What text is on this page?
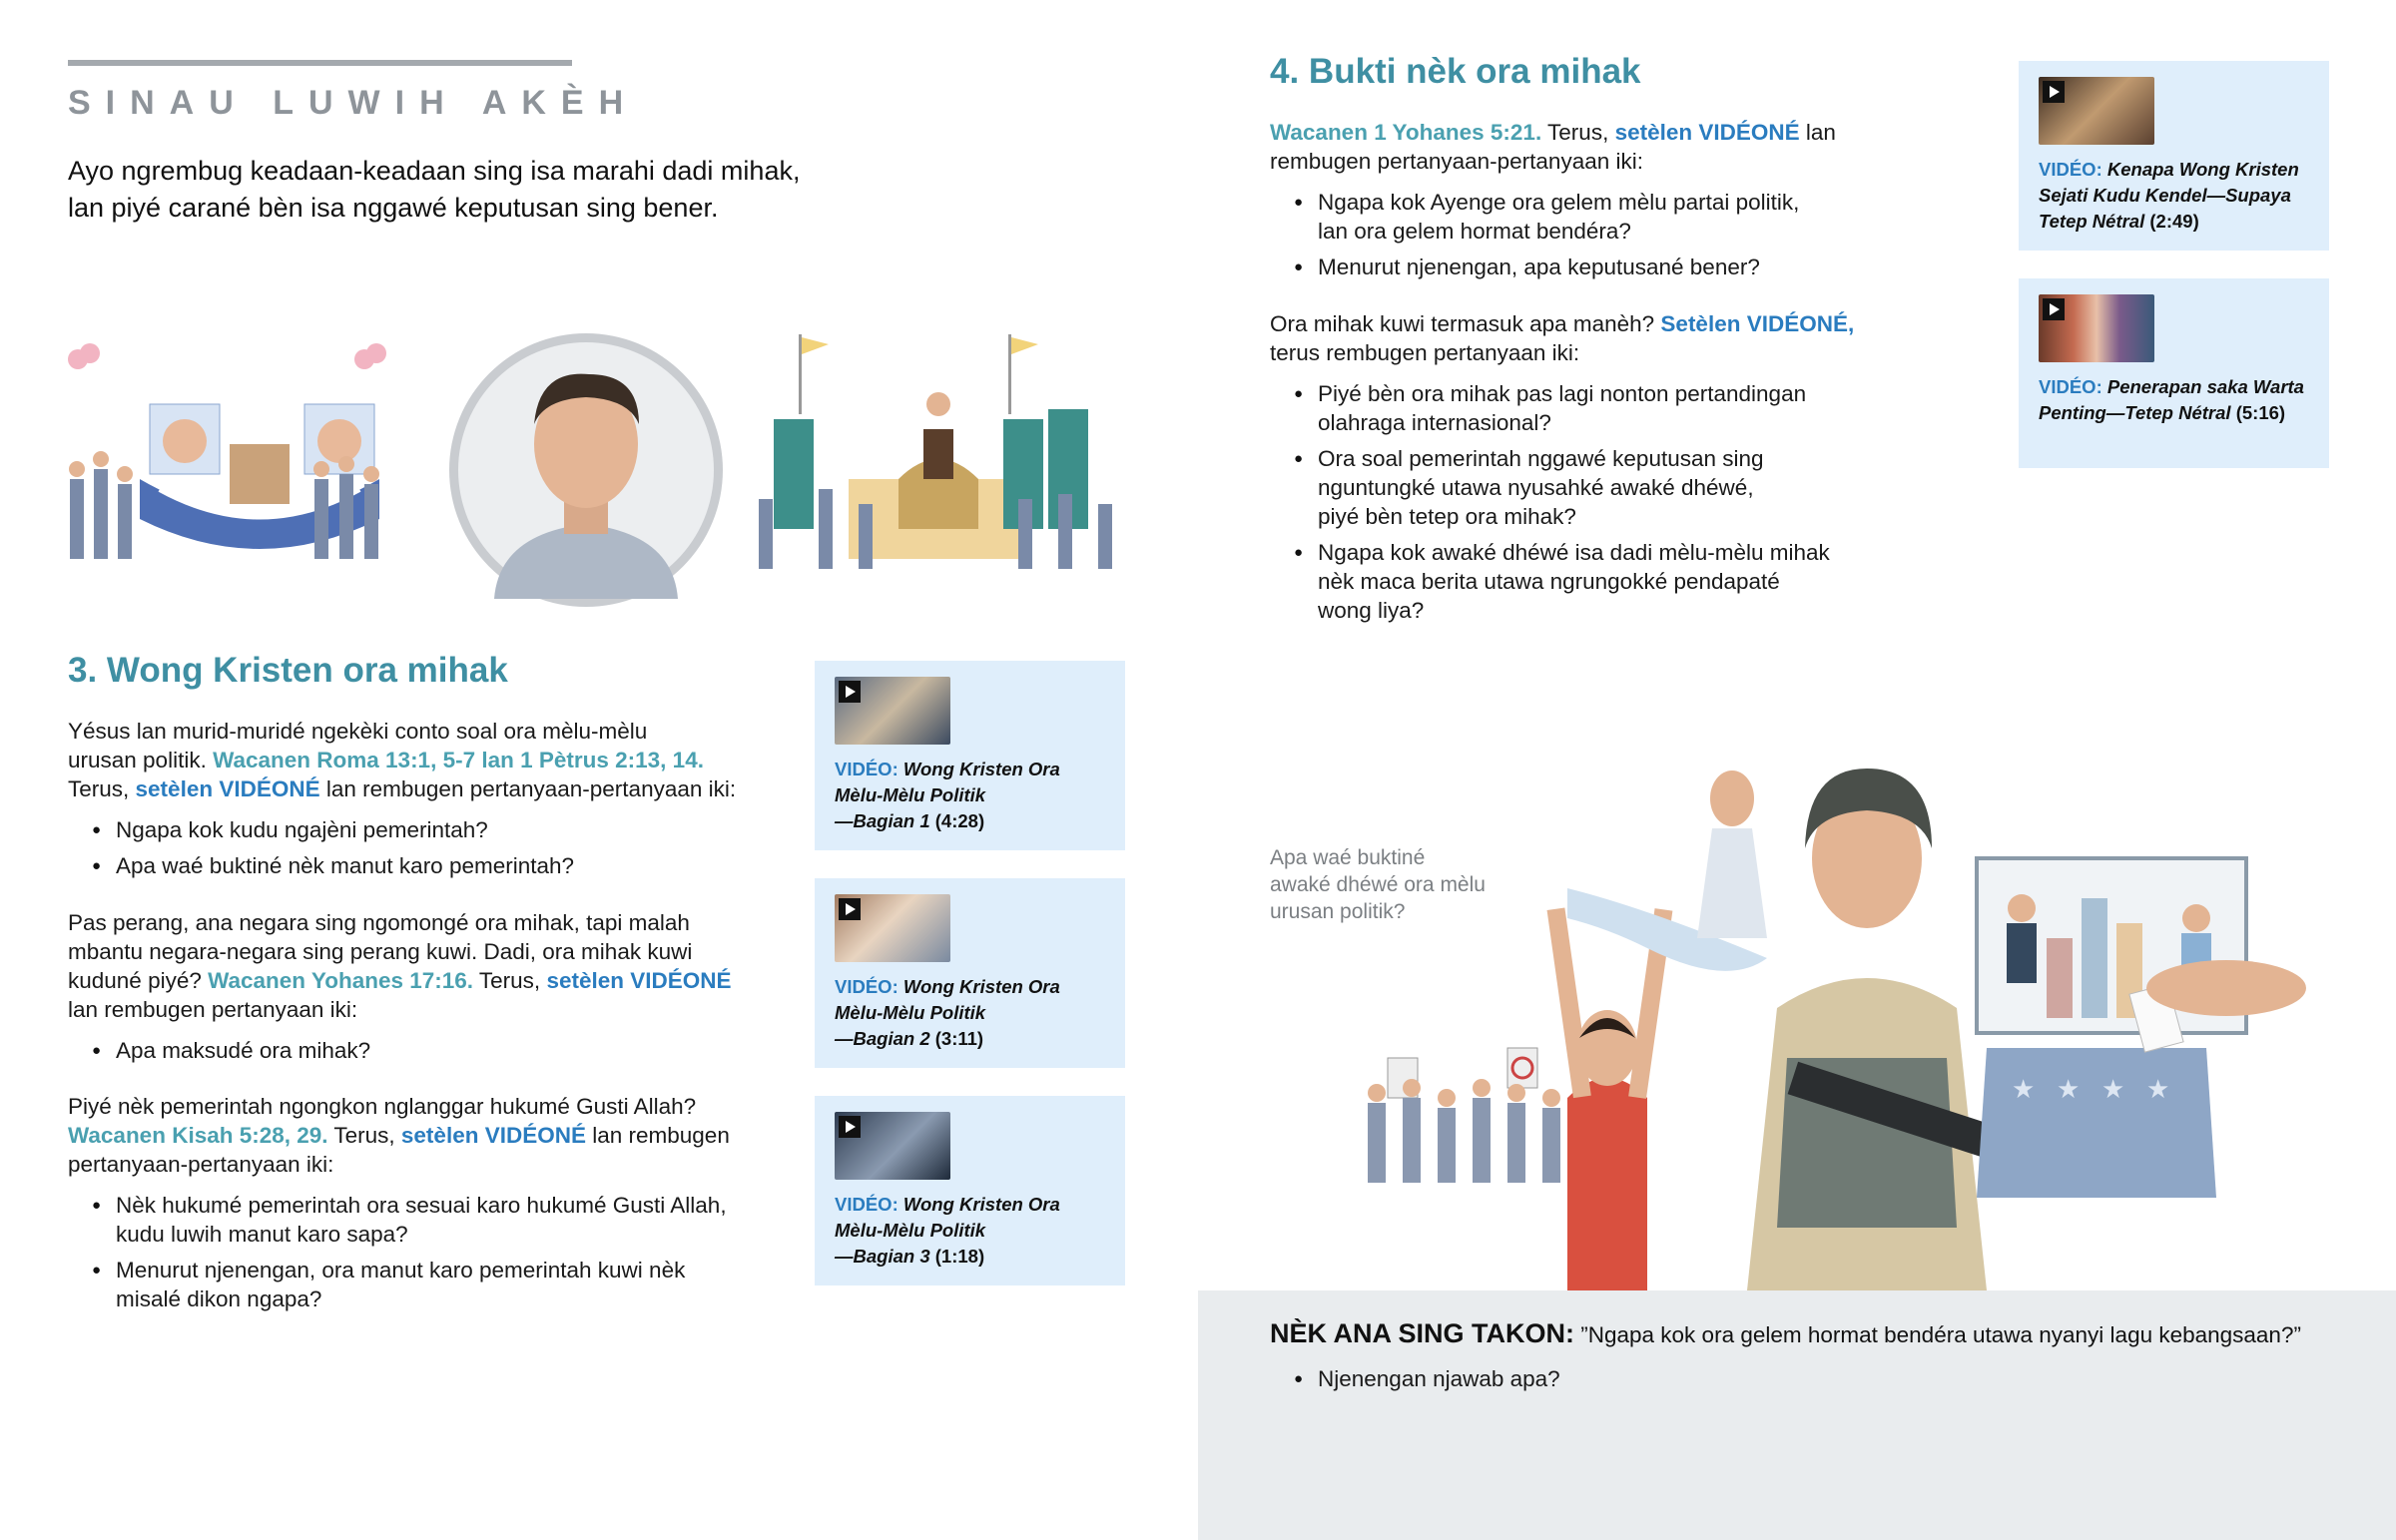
SINAU LUWIH AKÈH
Ayo ngrembug keadaan-keadaan sing isa marahi dadi mihak,
lan piyé carané bèn isa nggawé keputusan sing bener.
3. Wong Kristen ora mihak
Yésus lan murid-muridé ngekèki conto soal ora mèlu-mèlu
urusan politik. Wacanen Roma 13:1, 5-7 lan 1 Pètrus 2:13, 14.
Terus, setèlen VIDÉONÉ lan rembugen pertanyaan-pertanyaan iki:
● Ngapa kok kudu ngajèni pemerintah?
● Apa waé buktiné nèk manut karo pemerintah?
Pas perang, ana negara sing ngomongé ora mihak, tapi malah
mbantu negara-negara sing perang kuwi. Dadi, ora mihak kuwi
kuduné piyé? Wacanen Yohanes 17:16. Terus, setèlen VIDÉONÉ
lan rembugen pertanyaan iki:
● Apa maksudé ora mihak?
Piyé nèk pemerintah ngongkon nglanggar hukumé Gusti Allah?
Wacanen Kisah 5:28, 29. Terus, setèlen VIDÉONÉ lan rembugen
pertanyaan-pertanyaan iki:
● Nèk hukumé pemerintah ora sesuai karo hukumé Gusti Allah,
kudu luwih manut karo sapa?
● Menurut njenengan, ora manut karo pemerintah kuwi nèk
misalé dikon ngapa?
VIDÉO: Wong Kristen Ora
Mèlu-Mèlu Politik
—Bagian 1 (4:28)
VIDÉO: Wong Kristen Ora
Mèlu-Mèlu Politik
—Bagian 2 (3:11)
VIDÉO: Wong Kristen Ora
Mèlu-Mèlu Politik
—Bagian 3 (1:18)
4. Bukti nèk ora mihak
Wacanen 1 Yohanes 5:21. Terus, setèlen VIDÉONÉ lan
rembugen pertanyaan-pertanyaan iki:
● Ngapa kok Ayenge ora gelem mèlu partai politik,
lan ora gelem hormat bendéra?
● Menurut njenengan, apa keputusané bener?
Ora mihak kuwi termasuk apa manèh? Setèlen VIDÉONÉ,
terus rembugen pertanyaan iki:
● Piyé bèn ora mihak pas lagi nonton pertandingan
olahraga internasional?
● Ora soal pemerintah nggawé keputusan sing
nguntungké utawa nyusahké awaké dhéwé,
piyé bèn tetep ora mihak?
● Ngapa kok awaké dhéwé isa dadi mèlu-mèlu mihak
nèk maca berita utawa ngrungokké pendapaté
wong liya?
VIDÉO: Kenapa Wong Kristen
Sejati Kudu Kendel—Supaya
Tetep Nétral (2:49)
VIDÉO: Penerapan saka Warta
Penting—Tetep Nétral (5:16)
Apa waé buktiné
awaké dhéwé ora mèlu
urusan politik?
★ ★ ★ ★
NÈK ANA SING TAKON: ”Ngapa kok ora gelem hormat bendéra utawa nyanyi lagu kebangsaan?”
● Njenengan njawab apa?
